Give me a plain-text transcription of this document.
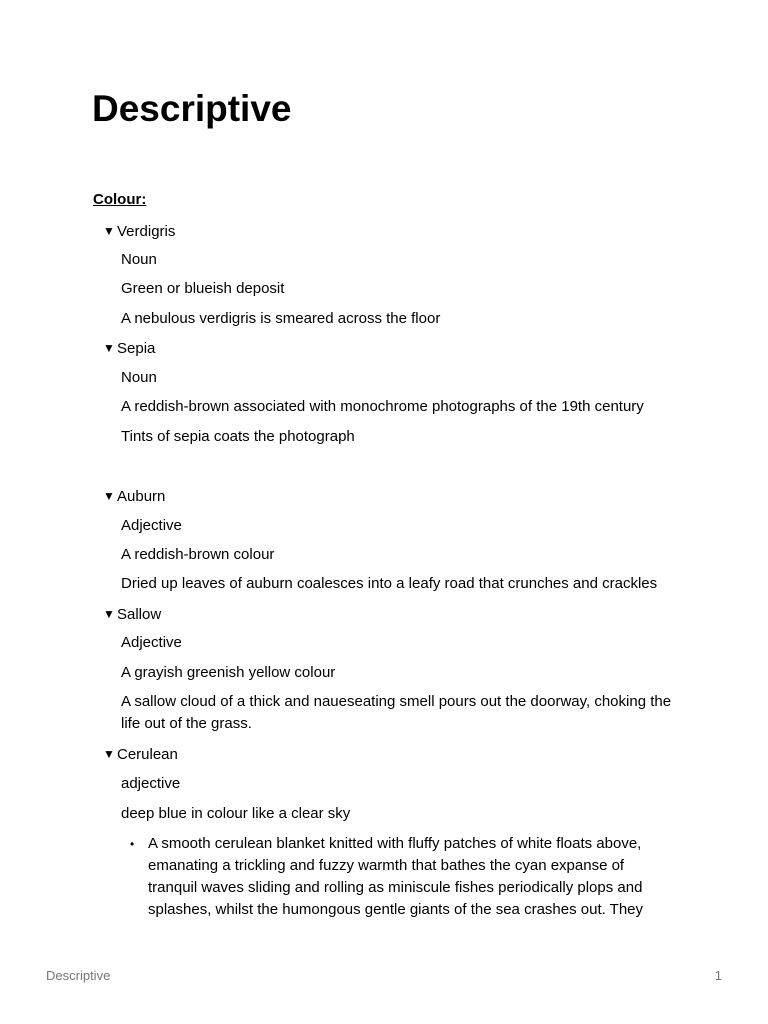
Descriptive
Colour:
▼ Verdigris
Noun
Green or blueish deposit
A nebulous verdigris is smeared across the floor
▼ Sepia
Noun
A reddish-brown associated with monochrome photographs of the 19th century
Tints of sepia coats the photograph
▼ Auburn
Adjective
A reddish-brown colour
Dried up leaves of auburn coalesces into a leafy road that crunches and crackles
▼ Sallow
Adjective
A grayish greenish yellow colour
A sallow cloud of a thick and naueseating smell pours out the doorway, choking the life out of the grass.
▼ Cerulean
adjective
deep blue in colour like a clear sky
• A smooth cerulean blanket knitted with fluffy patches of white floats above, emanating a trickling and fuzzy warmth that bathes the cyan expanse of tranquil waves sliding and rolling as miniscule fishes periodically plops and splashes, whilst the humongous gentle giants of the sea crashes out. They
Descriptive	1
